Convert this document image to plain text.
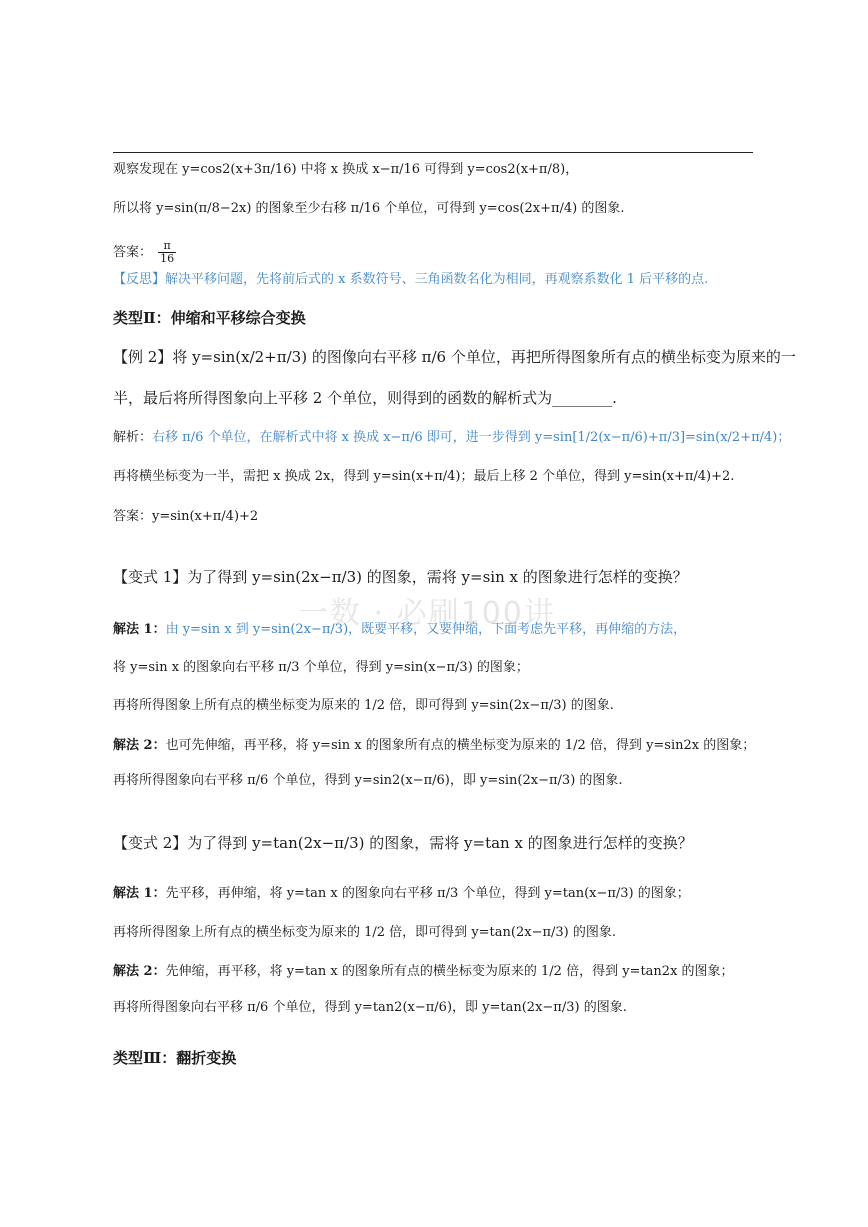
一数 · 必刷100讲
观察发现在 y=cos2(x+3π/16) 中将 x 换成 x−π/16 可得到 y=cos2(x+π/8)，
所以将 y=sin(π/8−2x) 的图象至少右移 π/16 个单位，可得到 y=cos(2x+π/4) 的图象.
答案： $\frac{\pi}{16}$
【反思】解决平移问题，先将前后式的 x 系数符号、三角函数名化为相同，再观察系数化 1 后平移的点.
类型Ⅱ：伸缩和平移综合变换
【例 2】将 y=sin(x/2+π/3) 的图像向右平移 π/6 个单位，再把所得图象所有点的横坐标变为原来的一
半，最后将所得图象向上平移 2 个单位，则得到的函数的解析式为________.
解析：右移 π/6 个单位，在解析式中将 x 换成 x−π/6 即可，进一步得到 y=sin[1/2(x−π/6)+π/3]=sin(x/2+π/4)；
再将横坐标变为一半，需把 x 换成 2x，得到 y=sin(x+π/4)；最后上移 2 个单位，得到 y=sin(x+π/4)+2.
答案：y=sin(x+π/4)+2
【变式 1】为了得到 y=sin(2x−π/3) 的图象，需将 y=sin x 的图象进行怎样的变换？
解法 1：由 y=sin x 到 y=sin(2x−π/3)，既要平移，又要伸缩，下面考虑先平移，再伸缩的方法，
将 y=sin x 的图象向右平移 π/3 个单位，得到 y=sin(x−π/3) 的图象；
再将所得图象上所有点的横坐标变为原来的 1/2 倍，即可得到 y=sin(2x−π/3) 的图象.
解法 2：也可先伸缩，再平移，将 y=sin x 的图象所有点的横坐标变为原来的 1/2 倍，得到 y=sin2x 的图象；
再将所得图象向右平移 π/6 个单位，得到 y=sin2(x−π/6)，即 y=sin(2x−π/3) 的图象.
【变式 2】为了得到 y=tan(2x−π/3) 的图象，需将 y=tan x 的图象进行怎样的变换？
解法 1：先平移，再伸缩，将 y=tan x 的图象向右平移 π/3 个单位，得到 y=tan(x−π/3) 的图象；
再将所得图象上所有点的横坐标变为原来的 1/2 倍，即可得到 y=tan(2x−π/3) 的图象.
解法 2：先伸缩，再平移，将 y=tan x 的图象所有点的横坐标变为原来的 1/2 倍，得到 y=tan2x 的图象；
再将所得图象向右平移 π/6 个单位，得到 y=tan2(x−π/6)，即 y=tan(2x−π/3) 的图象.
类型Ⅲ：翻折变换
